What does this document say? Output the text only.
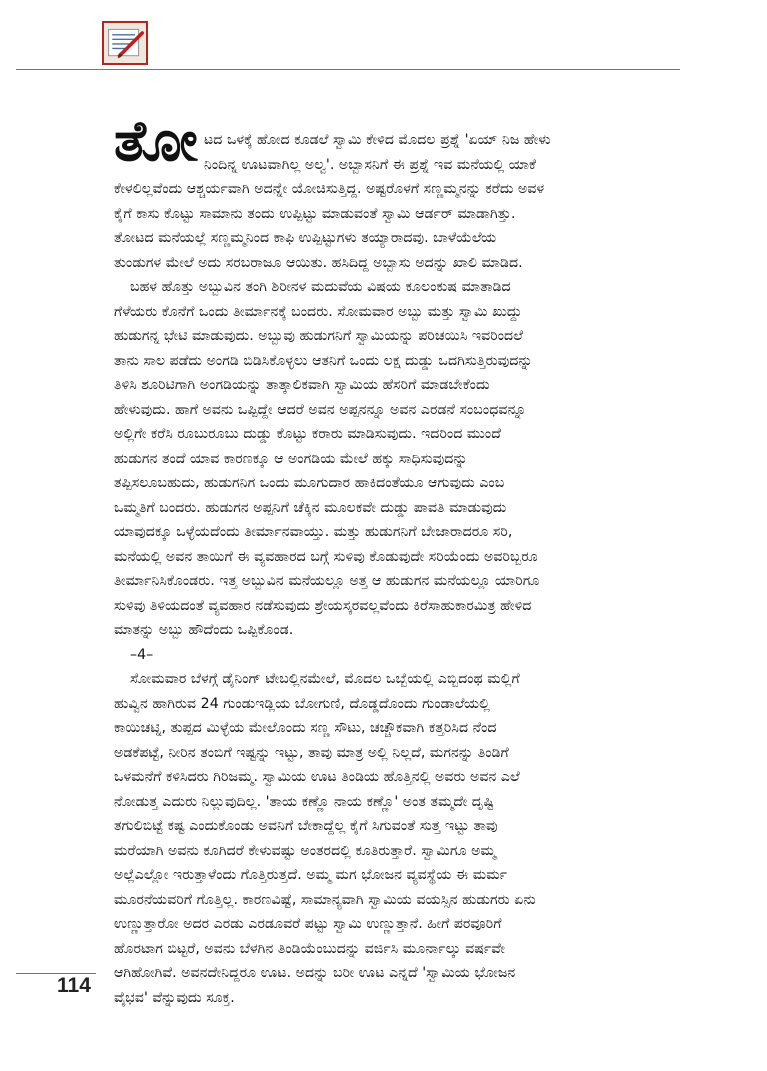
ತೋ ಟದ ಒಳಕ್ಕೆ ಹೋದ ಕೂಡಲೆ ಸ್ವಾಮಿ ಕೇಳಿದ ಮೊದಲ ಪ್ರಶ್ನೆ 'ಏಯ್ ನಿಜ ಹೇಳು
ನಿಂದಿನ್ನ ಊಟವಾಗಿಲ್ಲ ಅಲ್ವ'. ಅಬ್ಬಾಸನಿಗೆ ಈ ಪ್ರಶ್ನೆ ಇವ ಮನೆಯಲ್ಲಿ ಯಾಕೆ
ಕೇಳಲಿಲ್ಲವೆಂದು ಆಶ್ಚರ್ಯವಾಗಿ ಅದನ್ನೇ ಯೋಚಿಸುತ್ತಿದ್ದ. ಅಷ್ಟರೊಳಗೆ ಸಣ್ಣಮ್ಮನನ್ನು ಕರೆದು ಅವಳ
ಕೈಗೆ ಕಾಸು ಕೊಟ್ಟು ಸಾಮಾನು ತಂದು ಉಪ್ಪಿಟ್ಟು ಮಾಡುವಂತೆ ಸ್ವಾಮಿ ಆರ್ಡರ್ ಮಾಡಾಗಿತ್ತು.
ತೋಟದ ಮನೆಯಲ್ಲೆ ಸಣ್ಣಮ್ಮನಿಂದ ಕಾಫಿ ಉಪ್ಪಿಟ್ಟುಗಳು ತಯ್ಯಾರಾದವು. ಬಾಳೆಯೆಲೆಯ
ತುಂಡುಗಳ ಮೇಲೆ ಅದು ಸರಬರಾಜೂ ಆಯಿತು. ಹಸಿದಿದ್ದ ಅಬ್ಬಾಸು ಅದನ್ನು ಖಾಲಿ ಮಾಡಿದ.
ಬಹಳ ಹೊತ್ತು ಅಬ್ಬುವಿನ ತಂಗಿ ಶಿರೀನಳ ಮದುವೆಯ ವಿಷಯ ಕೂಲಂಕುಷ ಮಾತಾಡಿದ
ಗೆಳೆಯರು ಕೊನೆಗೆ ಒಂದು ತೀರ್ಮಾನಕ್ಕೆ ಬಂದರು. ಸೋಮವಾರ ಅಬ್ಬು ಮತ್ತು ಸ್ವಾಮಿ ಖುದ್ದು
ಹುಡುಗನ್ನ ಭೇಟಿ ಮಾಡುವುದು. ಅಬ್ಬುವು ಹುಡುಗನಿಗೆ ಸ್ವಾಮಿಯನ್ನು ಪರಿಚಯಿಸಿ ಇವರಿಂದಲೆ
ತಾನು ಸಾಲ ಪಡೆದು ಅಂಗಡಿ ಬಿಡಿಸಿಕೊಳ್ಳಲು ಆತನಿಗೆ ಒಂದು ಲಕ್ಷ ದುಡ್ಡು ಒದಗಿಸುತ್ತಿರುವುದನ್ನು
ತಿಳಿಸಿ ಶೂರಿಟಿಗಾಗಿ ಅಂಗಡಿಯನ್ನು ತಾತ್ಕಾಲಿಕವಾಗಿ ಸ್ವಾಮಿಯ ಹೆಸರಿಗೆ ಮಾಡಬೇಕೆಂದು
ಹೇಳುವುದು. ಹಾಗೆ ಅವನು ಒಪ್ಪಿದ್ದೇ ಆದರೆ ಅವನ ಅಪ್ಪನನ್ನೂ ಅವನ ಎರಡನೆ ಸಂಬಂಧವನ್ನೂ
ಅಲ್ಲಿಗೇ ಕರೆಸಿ ರೂಬುರೂಬು ದುಡ್ಡು ಕೊಟ್ಟು ಕರಾರು ಮಾಡಿಸುವುದು. ಇದರಿಂದ ಮುಂದೆ
ಹುಡುಗನ ತಂದೆ ಯಾವ ಕಾರಣಕ್ಕೂ ಆ ಅಂಗಡಿಯ ಮೇಲೆ ಹಕ್ಕು ಸಾಧಿಸುವುದನ್ನು
ತಪ್ಪಿಸಲೂಬಹುದು, ಹುಡುಗನಿಗ ಒಂದು ಮೂಗುದಾರ ಹಾಕಿದಂತೆಯೂ ಆಗುವುದು ಎಂಬ
ಒಮ್ಮತಿಗೆ ಬಂದರು. ಹುಡುಗನ ಅಪ್ಪನಿಗೆ ಚೆಕ್ಕಿನ ಮೂಲಕವೇ ದುಡ್ಡು ಪಾವತಿ ಮಾಡುವುದು
ಯಾವುದಕ್ಕೂ ಒಳ್ಳೆಯದೆಂದು ತೀರ್ಮಾನವಾಯ್ತು. ಮತ್ತು ಹುಡುಗನಿಗೆ ಬೇಜಾರಾದರೂ ಸರಿ,
ಮನೆಯಲ್ಲಿ ಅವನ ತಾಯಿಗೆ ಈ ವ್ಯವಹಾರದ ಬಗ್ಗೆ ಸುಳಿವು ಕೊಡುವುದೇ ಸರಿಯೆಂದು ಅವರಿಬ್ಬರೂ
ತೀರ್ಮಾನಿಸಿಕೊಂಡರು. ಇತ್ತ ಅಬ್ಬುವಿನ ಮನೆಯಲ್ಲೂ ಅತ್ತ ಆ ಹುಡುಗನ ಮನೆಯಲ್ಲೂ ಯಾರಿಗೂ
ಸುಳಿವು ತಿಳಿಯದಂತೆ ವ್ಯವಹಾರ ನಡೆಸುವುದು ಶ್ರೇಯಸ್ಕರವಲ್ಲವೆಂದು ಕಿರೆಸಾಹುಕಾರಮಿತ್ರ ಹೇಳಿದ
ಮಾತನ್ನು ಅಬ್ಬು ಹೌದೆಂದು ಒಪ್ಪಿಕೊಂಡ.
–4–
ಸೋಮವಾರ ಬೆಳಗ್ಗೆ ಡೈನಿಂಗ್ ಟೇಬಲ್ಲಿನಮೇಲೆ, ಮೊದಲ ಒಬ್ಬೆಯಲ್ಲಿ ಎಬ್ಬಿದಂಥ ಮಲ್ಲಿಗೆ
ಹುವ್ವಿನ ಹಾಗಿರುವ 24 ಗುಂಡುಇಡ್ಲಿಯ ಬೋಗುಣಿ, ದೊಡ್ಡದೊಂದು ಗುಂಡಾಲೆಯಲ್ಲಿ
ಕಾಯಿಚಟ್ನಿ, ತುಪ್ಪದ ಮಿಳ್ಳೆಯ ಮೇಲೊಂದು ಸಣ್ಣ ಸೌಟು, ಚಚ್ಚೌಕವಾಗಿ ಕತ್ತರಿಸಿದ ನೆಂದ
ಅಡಕೆಪಟ್ಟೆ, ನೀರಿನ ತಂಬಿಗೆ ಇಷ್ಟನ್ನು ಇಟ್ಟು, ತಾವು ಮಾತ್ರ ಅಲ್ಲಿ ನಿಲ್ಲದೆ, ಮಗನನ್ನು ತಿಂಡಿಗೆ
ಒಳಮನೆಗೆ ಕಳಿಸಿದರು ಗಿರಿಜಮ್ಮ. ಸ್ವಾಮಿಯ ಊಟ ತಿಂಡಿಯ ಹೊತ್ತಿನಲ್ಲಿ ಅವರು ಅವನ ಎಲೆ
ನೋಡುತ್ತ ಎದುರು ನಿಲ್ಲುವುದಿಲ್ಲ. 'ತಾಯ ಕಣ್ಣೊ ನಾಯ ಕಣ್ಣೊ' ಅಂತ ತಮ್ಮದೇ ದೃಷ್ಟಿ
ತಗುಲಿಬಿಟ್ಟೆ ಕಷ್ಟ ಎಂದುಕೊಂಡು ಅವನಿಗೆ ಬೇಕಾದ್ದೆಲ್ಲ ಕೈಗೆ ಸಿಗುವಂತೆ ಸುತ್ತ ಇಟ್ಟು ತಾವು
ಮರೆಯಾಗಿ ಅವನು ಕೂಗಿದರೆ ಕೇಳುವಷ್ಟು ಅಂತರದಲ್ಲಿ ಕೂತಿರುತ್ತಾರೆ. ಸ್ವಾಮಿಗೂ ಅಮ್ಮ
ಅಲ್ಲೆಎಲ್ಲೋ ಇರುತ್ತಾಳೆಂದು ಗೊತ್ತಿರುತ್ತದೆ. ಅಮ್ಮ ಮಗ ಭೋಜನ ವ್ಯವಸ್ಥೆಯ ಈ ಮರ್ಮ
ಮೂರನೆಯವರಿಗೆ ಗೊತ್ತಿಲ್ಲ. ಕಾರಣವಿಷ್ಟೆ, ಸಾಮಾನ್ಯವಾಗಿ ಸ್ವಾಮಿಯ ವಯಸ್ಸಿನ ಹುಡುಗರು ಏನು
ಉಣ್ಣುತ್ತಾರೋ ಅದರ ಎರಡು ಎರಡೂವರೆ ಪಟ್ಟು ಸ್ವಾಮಿ ಉಣ್ಣುತ್ತಾನೆ. ಹೀಗೆ ಪರವೂರಿಗೆ
ಹೊರಟಾಗ ಬಿಟ್ಟರೆ, ಅವನು ಬೆಳಗಿನ ತಿಂಡಿಯೆಂಬುದನ್ನು ವರ್ಜಿಸಿ ಮೂರ್ನಾಲ್ಕು ವರ್ಷವೇ
ಆಗಿಹೋಗಿವೆ. ಅವನದೇನಿದ್ದರೂ ಊಟ. ಅದನ್ನು ಬರೀ ಊಟ ಎನ್ನದೆ 'ಸ್ವಾಮಿಯ ಭೋಜನ
ವೈಭವ' ವೆನ್ನುವುದು ಸೂಕ್ತ.
114
